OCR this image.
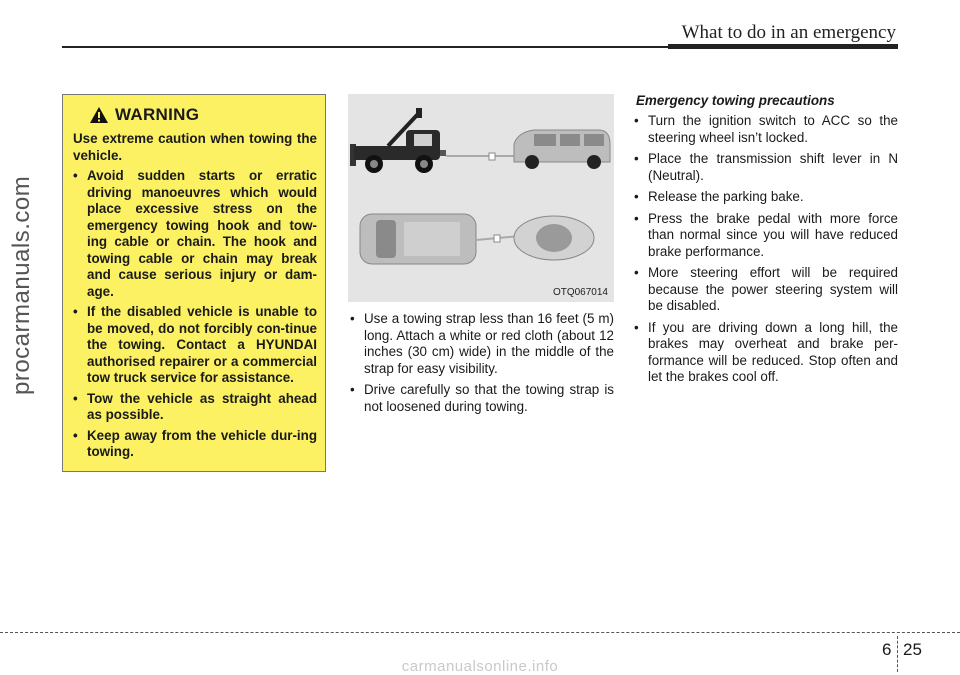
What to do in an emergency
procarmanuals.com
WARNING

Use extreme caution when towing the vehicle.

• Avoid sudden starts or erratic driving manoeuvres which would place excessive stress on the emergency towing hook and tow-ing cable or chain. The hook and towing cable or chain may break and cause serious injury or dam-age.
• If the disabled vehicle is unable to be moved, do not forcibly con-tinue the towing. Contact a HYUNDAI authorised repairer or a commercial tow truck service for assistance.
• Tow the vehicle as straight ahead as possible.
• Keep away from the vehicle dur-ing towing.
OTQ067014
• Use a towing strap less than 16 feet (5 m) long. Attach a white or red cloth (about 12 inches (30 cm) wide) in the middle of the strap for easy visibility.
• Drive carefully so that the towing strap is not loosened during towing.
Emergency towing precautions
• Turn the ignition switch to ACC so the steering wheel isn’t locked.
• Place the transmission shift lever in N (Neutral).
• Release the parking bake.
• Press the brake pedal with more force than normal since you will have reduced brake performance.
• More steering effort will be required because the power steering system will be disabled.
• If you are driving down a long hill, the brakes may overheat and brake per-formance will be reduced. Stop often and let the brakes cool off.
6 25
carmanualsonline.info
